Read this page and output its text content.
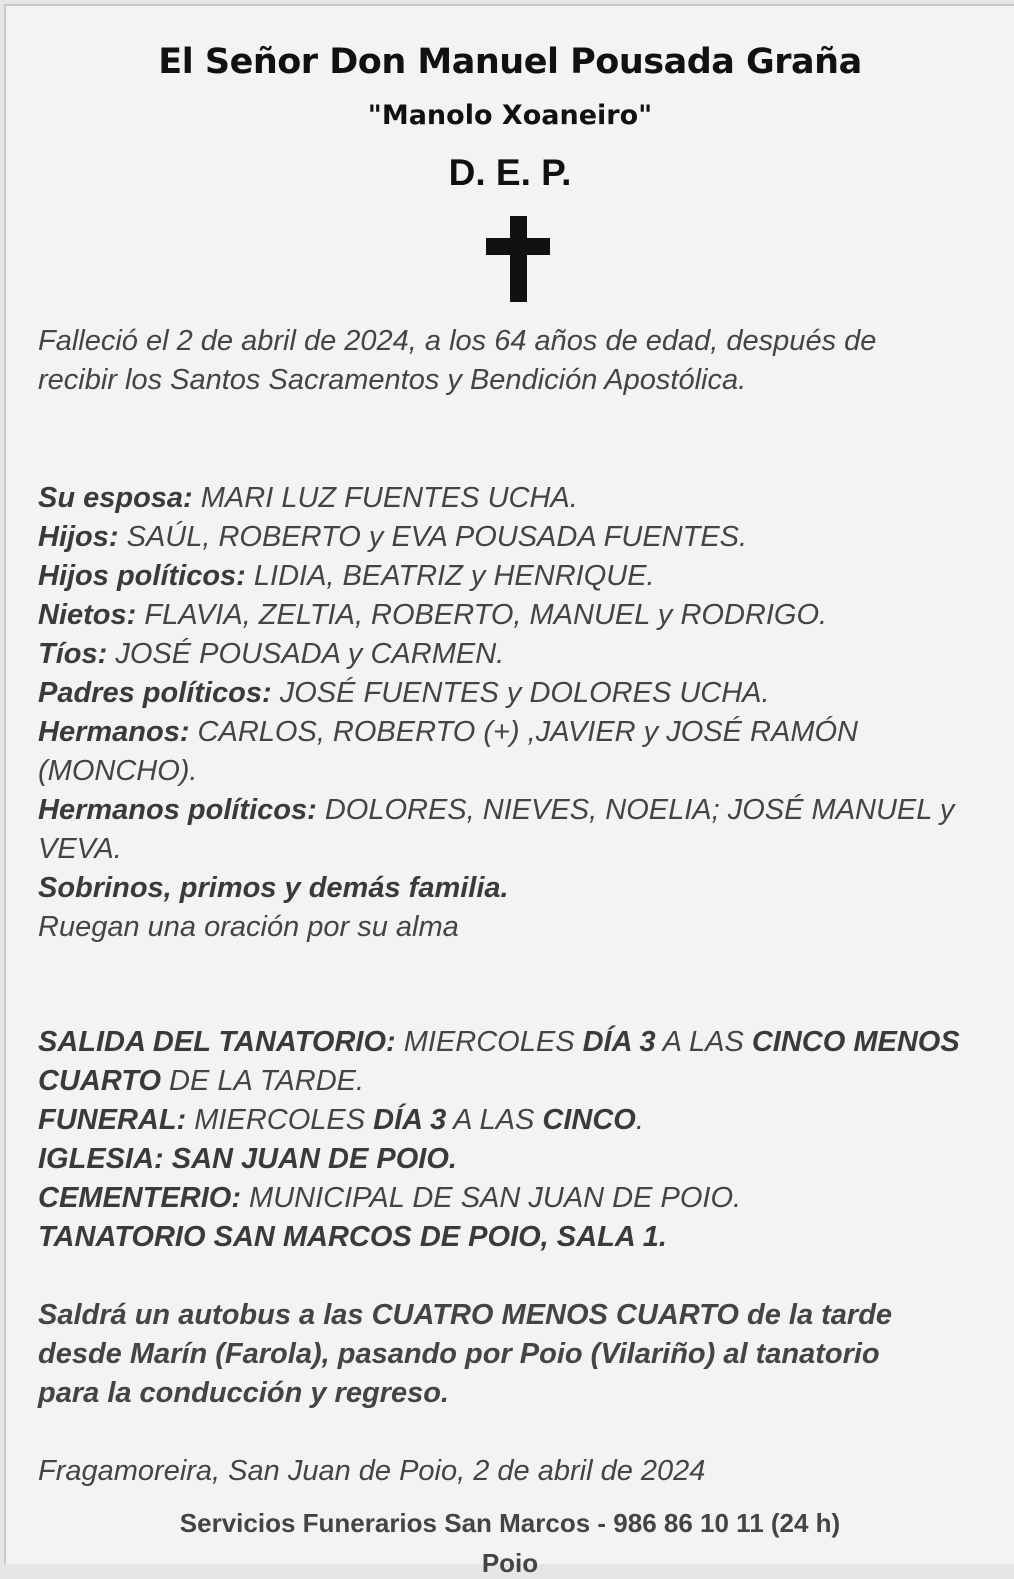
El Señor Don Manuel Pousada Graña
"Manolo Xoaneiro"
D. E. P.
Falleció el 2 de abril de 2024, a los 64 años de edad, después de
recibir los Santos Sacramentos y Bendición Apostólica.
Su esposa: MARI LUZ FUENTES UCHA.
Hijos: SAÚL, ROBERTO y EVA POUSADA FUENTES.
Hijos políticos: LIDIA, BEATRIZ y HENRIQUE.
Nietos: FLAVIA, ZELTIA, ROBERTO, MANUEL y RODRIGO.
Tíos: JOSÉ POUSADA y CARMEN.
Padres políticos: JOSÉ FUENTES y DOLORES UCHA.
Hermanos: CARLOS, ROBERTO (+) ,JAVIER y JOSÉ RAMÓN (MONCHO).
Hermanos políticos: DOLORES, NIEVES, NOELIA; JOSÉ MANUEL y VEVA.
Sobrinos, primos y demás familia.
Ruegan una oración por su alma
SALIDA DEL TANATORIO: MIERCOLES DÍA 3 A LAS CINCO MENOS CUARTO DE LA TARDE.
FUNERAL: MIERCOLES DÍA 3 A LAS CINCO.
IGLESIA: SAN JUAN DE POIO.
CEMENTERIO: MUNICIPAL DE SAN JUAN DE POIO.
TANATORIO SAN MARCOS DE POIO, SALA 1.
Saldrá un autobus a las CUATRO MENOS CUARTO de la tarde
desde Marín (Farola), pasando por Poio (Vilariño) al tanatorio
para la conducción y regreso.
Fragamoreira, San Juan de Poio, 2 de abril de 2024
Servicios Funerarios San Marcos - 986 86 10 11 (24 h)
Poio
